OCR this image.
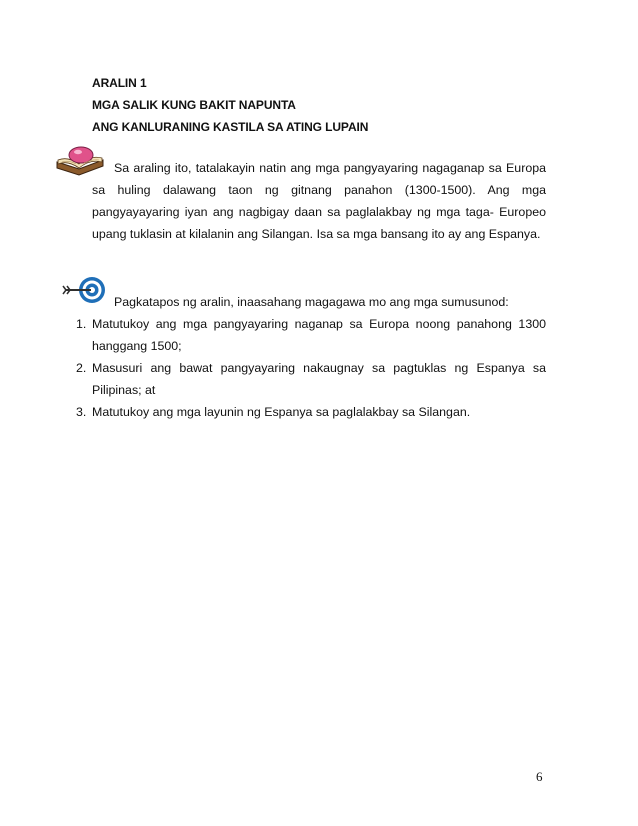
ARALIN 1
MGA SALIK KUNG BAKIT NAPUNTA
ANG KANLURANING KASTILA SA ATING LUPAIN
Sa araling ito, tatalakayin natin ang mga pangyayaring nagaganap sa Europa sa huling dalawang taon ng gitnang panahon (1300-1500). Ang mga pangyayayaring iyan ang nagbigay daan sa paglalakbay ng mga taga- Europeo upang tuklasin at kilalanin ang Silangan. Isa sa mga bansang ito ay ang Espanya.
Pagkatapos ng aralin, inaasahang magagawa mo ang mga sumusunod:
1. Matutukoy ang mga pangyayaring naganap sa Europa noong panahong 1300 hanggang 1500;
2. Masusuri ang bawat pangyayaring nakaugnay sa pagtuklas ng Espanya sa Pilipinas; at
3. Matutukoy ang mga layunin ng Espanya sa paglalakbay sa Silangan.
6
